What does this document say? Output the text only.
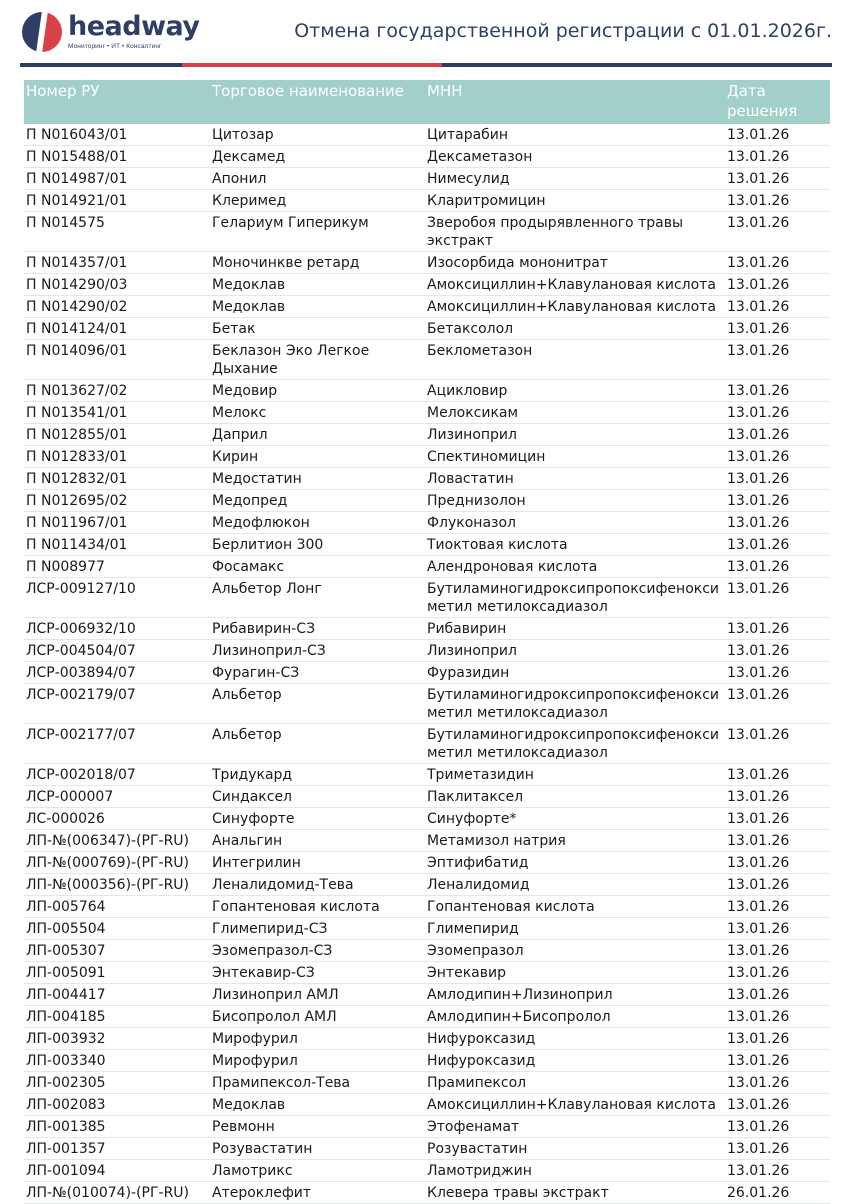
headway
Мониторинг • ИТ • Консалтинг
Отмена государственной регистрации с 01.01.2026г.
Номер РУ	Торговое наименование	МНН	Дата решения
П N016043/01	Цитозар	Цитарабин	13.01.26
П N015488/01	Дексамед	Дексаметазон	13.01.26
П N014987/01	Апонил	Нимесулид	13.01.26
П N014921/01	Клеримед	Кларитромицин	13.01.26
П N014575	Гелариум Гиперикум	Зверобоя продырявленного травы экстракт	13.01.26
П N014357/01	Моночинкве ретард	Изосорбида мононитрат	13.01.26
П N014290/03	Медоклав	Амоксициллин+Клавулановая кислота	13.01.26
П N014290/02	Медоклав	Амоксициллин+Клавулановая кислота	13.01.26
П N014124/01	Бетак	Бетаксолол	13.01.26
П N014096/01	Беклазон Эко Легкое Дыхание	Беклометазон	13.01.26
П N013627/02	Медовир	Ацикловир	13.01.26
П N013541/01	Мелокс	Мелоксикам	13.01.26
П N012855/01	Даприл	Лизиноприл	13.01.26
П N012833/01	Кирин	Спектиномицин	13.01.26
П N012832/01	Медостатин	Ловастатин	13.01.26
П N012695/02	Медопред	Преднизолон	13.01.26
П N011967/01	Медофлюкон	Флуконазол	13.01.26
П N011434/01	Берлитион 300	Тиоктовая кислота	13.01.26
П N008977	Фосамакс	Алендроновая кислота	13.01.26
ЛСР-009127/10	Альбетор Лонг	Бутиламиногидроксипропоксифенокси метил метилоксадиазол	13.01.26
ЛСР-006932/10	Рибавирин-СЗ	Рибавирин	13.01.26
ЛСР-004504/07	Лизиноприл-СЗ	Лизиноприл	13.01.26
ЛСР-003894/07	Фурагин-СЗ	Фуразидин	13.01.26
ЛСР-002179/07	Альбетор	Бутиламиногидроксипропоксифенокси метил метилоксадиазол	13.01.26
ЛСР-002177/07	Альбетор	Бутиламиногидроксипропоксифенокси метил метилоксадиазол	13.01.26
ЛСР-002018/07	Тридукард	Триметазидин	13.01.26
ЛСР-000007	Синдаксел	Паклитаксел	13.01.26
ЛС-000026	Синуфорте	Синуфорте*	13.01.26
ЛП-№(006347)-(РГ-RU)	Анальгин	Метамизол натрия	13.01.26
ЛП-№(000769)-(РГ-RU)	Интегрилин	Эптифибатид	13.01.26
ЛП-№(000356)-(РГ-RU)	Леналидомид-Тева	Леналидомид	13.01.26
ЛП-005764	Гопантеновая кислота	Гопантеновая кислота	13.01.26
ЛП-005504	Глимепирид-СЗ	Глимепирид	13.01.26
ЛП-005307	Эзомепразол-СЗ	Эзомепразол	13.01.26
ЛП-005091	Энтекавир-СЗ	Энтекавир	13.01.26
ЛП-004417	Лизиноприл АМЛ	Амлодипин+Лизиноприл	13.01.26
ЛП-004185	Бисопролол АМЛ	Амлодипин+Бисопролол	13.01.26
ЛП-003932	Мирофурил	Нифуроксазид	13.01.26
ЛП-003340	Мирофурил	Нифуроксазид	13.01.26
ЛП-002305	Прамипексол-Тева	Прамипексол	13.01.26
ЛП-002083	Медоклав	Амоксициллин+Клавулановая кислота	13.01.26
ЛП-001385	Ревмонн	Этофенамат	13.01.26
ЛП-001357	Розувастатин	Розувастатин	13.01.26
ЛП-001094	Ламотрикс	Ламотриджин	13.01.26
ЛП-№(010074)-(РГ-RU)	Атероклефит	Клевера травы экстракт	26.01.26
